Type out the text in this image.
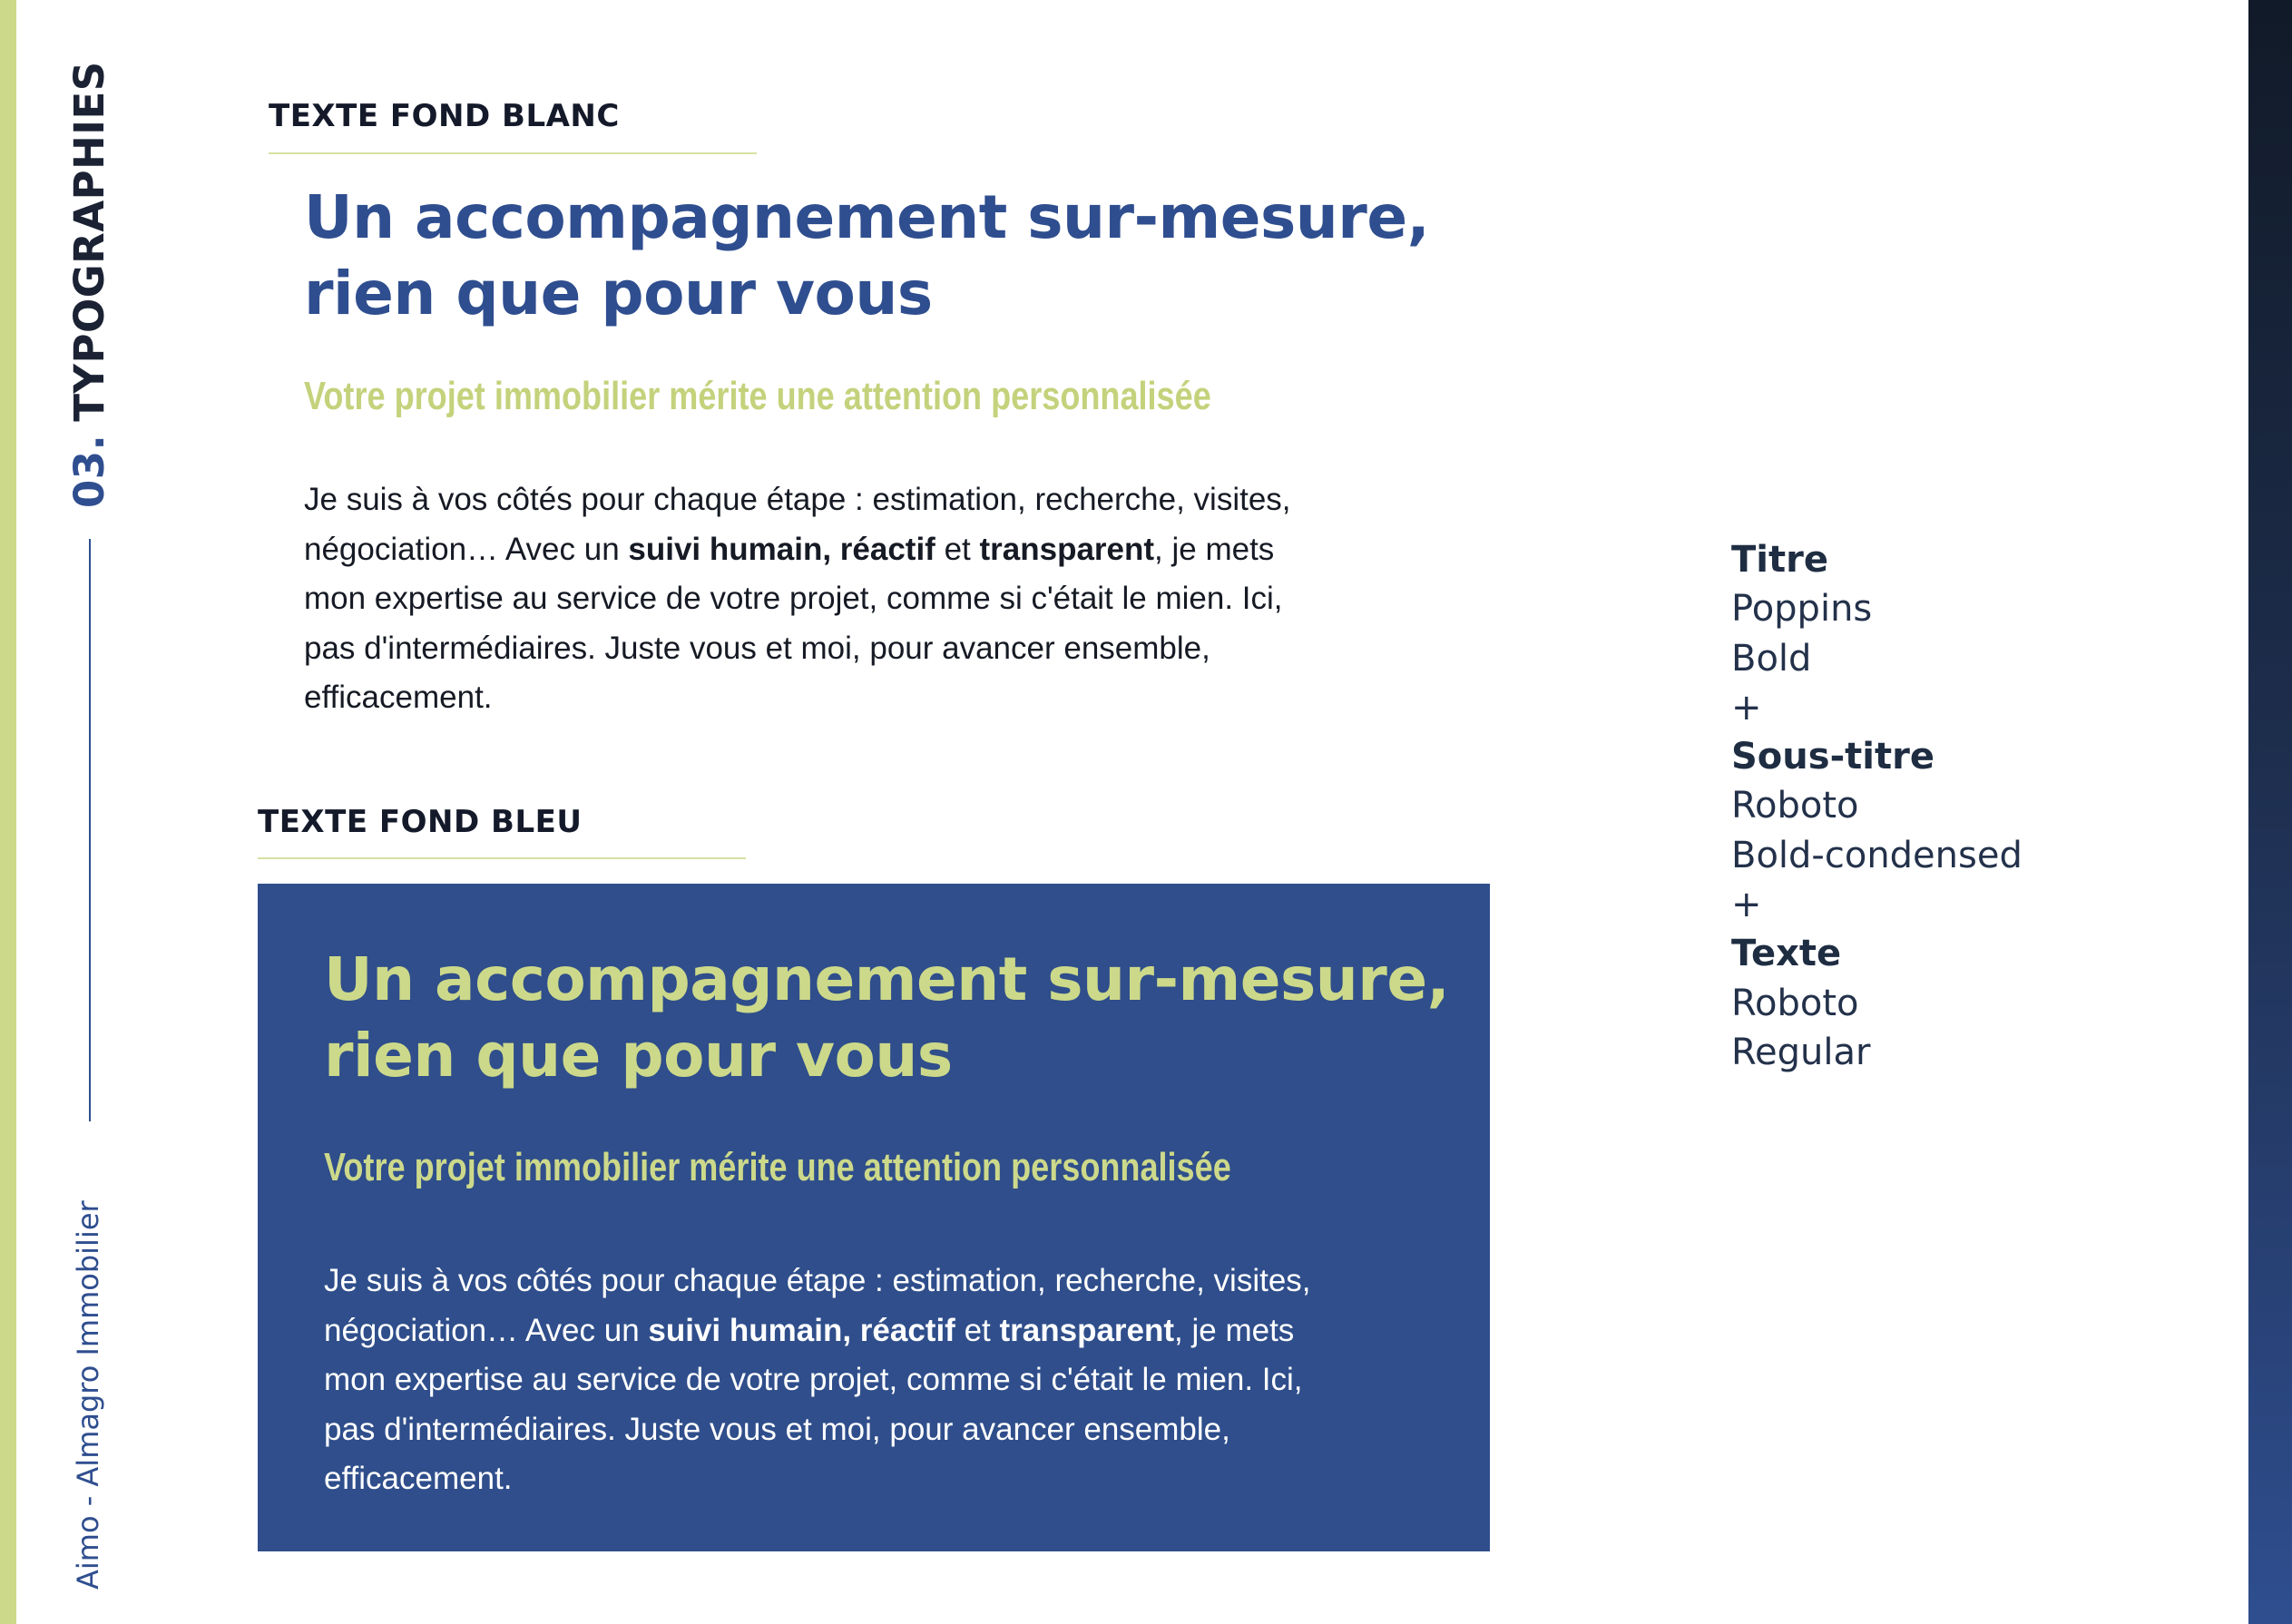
03.TYPOGRAPHIES
Aimo - Almagro Immobilier
TEXTE FOND BLANC
Un accompagnement sur-mesure,
rien que pour vous
Votre projet immobilier mérite une attention personnalisée
Je suis à vos côtés pour chaque étape : estimation, recherche, visites, négociation… Avec un suivi humain, réactif et transparent, je mets mon expertise au service de votre projet, comme si c'était le mien. Ici, pas d'intermédiaires. Juste vous et moi, pour avancer ensemble, efficacement.
TEXTE FOND BLEU
Un accompagnement sur-mesure,
rien que pour vous
Votre projet immobilier mérite une attention personnalisée
Je suis à vos côtés pour chaque étape : estimation, recherche, visites, négociation… Avec un suivi humain, réactif et transparent, je mets mon expertise au service de votre projet, comme si c'était le mien. Ici, pas d'intermédiaires. Juste vous et moi, pour avancer ensemble, efficacement.
Titre
Poppins
Bold
+
Sous-titre
Roboto
Bold-condensed
+
Texte
Roboto
Regular
